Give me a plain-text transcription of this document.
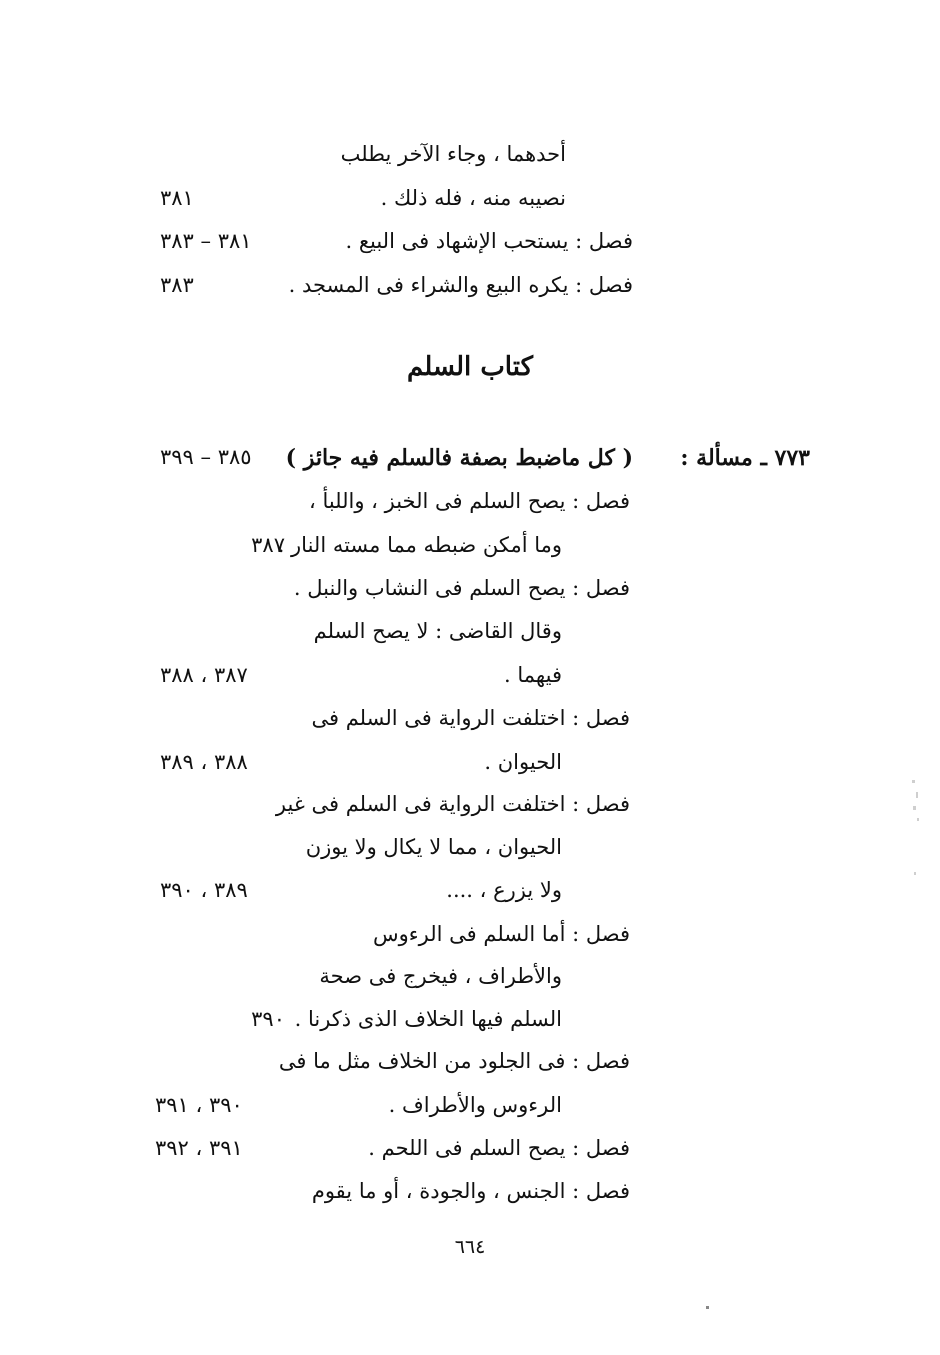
أحدهما ، وجاء الآخر يطلب
نصيبه منه ، فله ذلك .
٣٨١
فصل : يستحب الإشهاد فى البيع .
٣٨١ – ٣٨٣
فصل : يكره البيع والشراء فى المسجد .
٣٨٣
كتاب السلم
٧٧٣ ـ مسألة :
( كل ماضبط بصفة فالسلم فيه جائز )
٣٨٥ – ٣٩٩
فصل : يصح السلم فى الخبز ، واللبأ ،
وما أمكن ضبطه مما مسته النار .
٣٨٧
فصل : يصح السلم فى النشاب والنبل .
وقال القاضى : لا يصح السلم
فيهما .
٣٨٧ ، ٣٨٨
فصل : اختلفت الرواية فى السلم فى
الحيوان .
٣٨٨ ، ٣٨٩
فصل : اختلفت الرواية فى السلم فى غير
الحيوان ، مما لا يكال ولا يوزن
ولا يزرع ، ....
٣٨٩ ، ٣٩٠
فصل : أما السلم فى الرءوس
والأطراف ، فيخرج فى صحة
السلم فيها الخلاف الذى ذكرنا .
٣٩٠
فصل : فى الجلود من الخلاف مثل ما فى
الرءوس والأطراف .
٣٩٠ ، ٣٩١
فصل : يصح السلم فى اللحم .
٣٩١ ، ٣٩٢
فصل : الجنس ، والجودة ، أو ما يقوم
٦٦٤
